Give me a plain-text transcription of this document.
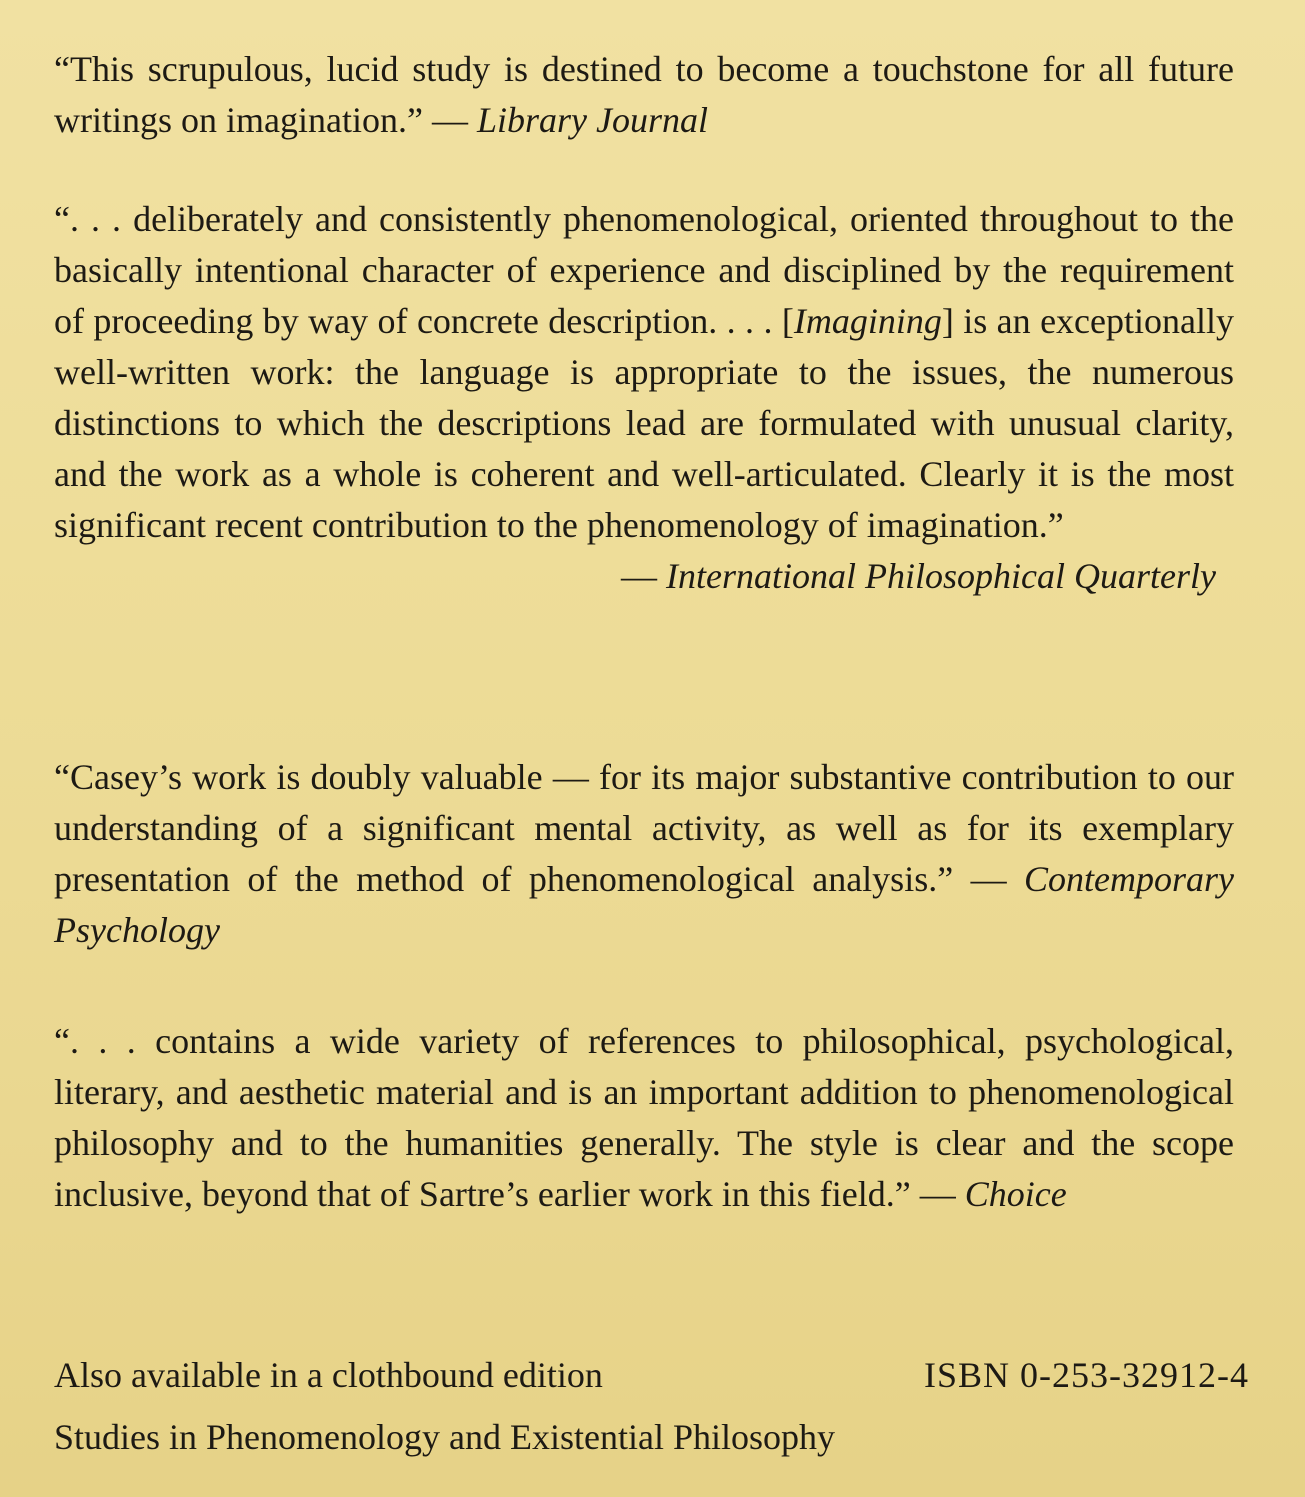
“This scrupulous, lucid study is destined to become a touchstone for all future writings on imagination.” — Library Journal
“. . . deliberately and consistently phenomenological, oriented throughout to the basically intentional character of experience and disciplined by the requirement of proceeding by way of concrete description. . . . [Imagining] is an exceptionally well-written work: the language is appropriate to the issues, the numerous distinctions to which the descriptions lead are formulated with unusual clarity, and the work as a whole is coherent and well-articulated. Clearly it is the most significant recent contribution to the phenomenology of imagination.”
— International Philosophical Quarterly
“Casey’s work is doubly valuable — for its major substantive contribution to our understanding of a significant mental activity, as well as for its exemplary presentation of the method of phenomenological analysis.” — Contemporary Psychology
“. . . contains a wide variety of references to philosophical, psychological, literary, and aesthetic material and is an important addition to phenomenological philosophy and to the humanities generally. The style is clear and the scope inclusive, beyond that of Sartre’s earlier work in this field.” — Choice
Also available in a clothbound edition	ISBN 0-253-32912-4
Studies in Phenomenology and Existential Philosophy
